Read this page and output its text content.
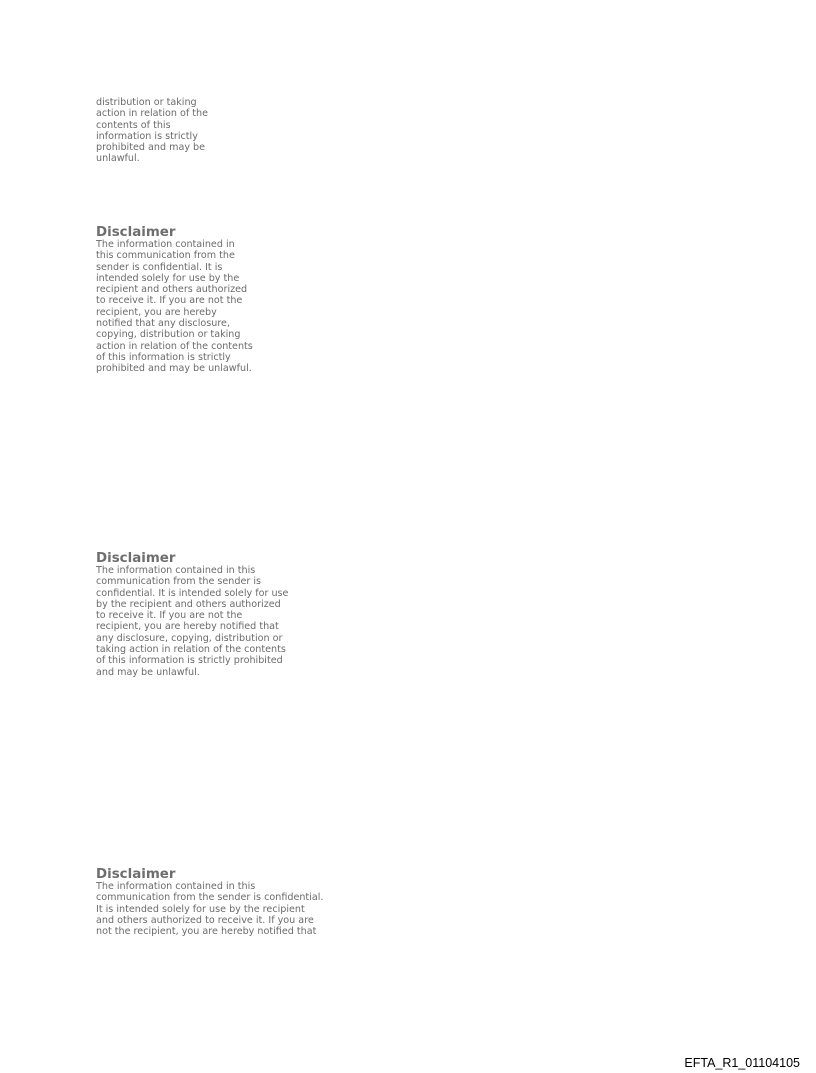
distribution or taking
action in relation of the
contents of this
information is strictly
prohibited and may be
unlawful.
Disclaimer
The information contained in
this communication from the
sender is confidential. It is
intended solely for use by the
recipient and others authorized
to receive it. If you are not the
recipient, you are hereby
notified that any disclosure,
copying, distribution or taking
action in relation of the contents
of this information is strictly
prohibited and may be unlawful.
Disclaimer
The information contained in this
communication from the sender is
confidential. It is intended solely for use
by the recipient and others authorized
to receive it. If you are not the
recipient, you are hereby notified that
any disclosure, copying, distribution or
taking action in relation of the contents
of this information is strictly prohibited
and may be unlawful.
Disclaimer
The information contained in this
communication from the sender is confidential.
It is intended solely for use by the recipient
and others authorized to receive it. If you are
not the recipient, you are hereby notified that
EFTA_R1_01104105
